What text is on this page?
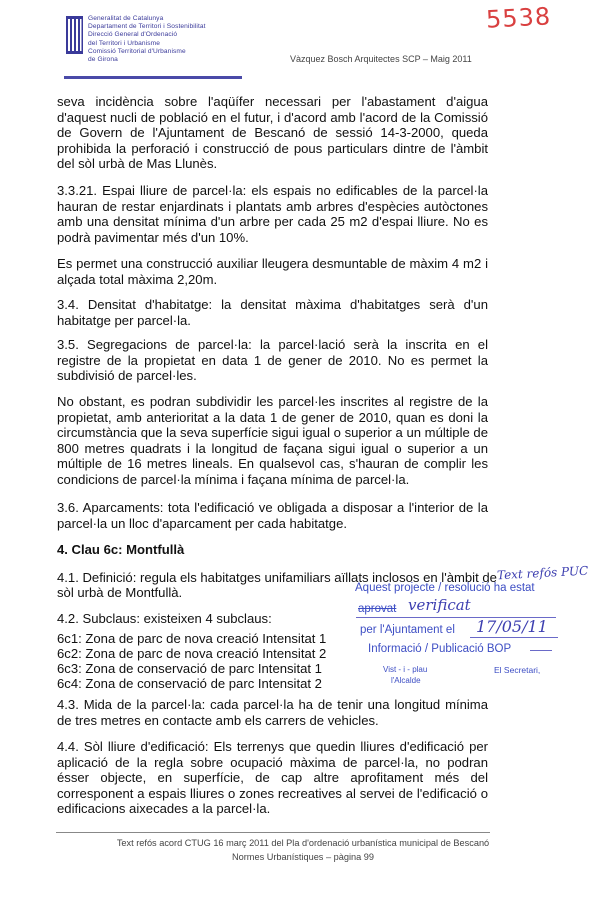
Generalitat de Catalunya
Departament de Territori i Sostenibilitat
Direcció General d'Ordenació
del Territori i Urbanisme
Comissió Territorial d'Urbanisme
de Girona
5538
Vàzquez Bosch Arquitectes SCP – Maig 2011
seva incidència sobre l'aqüífer necessari per l'abastament d'aigua d'aquest nucli de població en el futur, i d'acord amb l'acord de la Comissió de Govern de l'Ajuntament de Bescanó de sessió 14-3-2000, queda prohibida la perforació i construcció de pous particulars dintre de l'àmbit del sòl urbà de Mas Llunès.
3.3.21. Espai lliure de parcel·la: els espais no edificables de la parcel·la hauran de restar enjardinats i plantats amb arbres d'espècies autòctones amb una densitat mínima d'un arbre per cada 25 m2 d'espai lliure. No es podrà pavimentar més d'un 10%.
Es permet una construcció auxiliar lleugera desmuntable de màxim 4 m2 i alçada total màxima 2,20m.
3.4. Densitat d'habitatge: la densitat màxima d'habitatges serà d'un habitatge per parcel·la.
3.5. Segregacions de parcel·la: la parcel·lació serà la inscrita en el registre de la propietat en data 1 de gener de 2010. No es permet la subdivisió de parcel·les.
No obstant, es podran subdividir les parcel·les inscrites al registre de la propietat, amb anterioritat a la data 1 de gener de 2010, quan es doni la circumstància que la seva superfície sigui igual o superior a un múltiple de 800 metres quadrats i la longitud de façana sigui igual o superior a un múltiple de 16 metres lineals. En qualsevol cas, s'hauran de complir les condicions de parcel·la mínima i façana mínima de parcel·la.
3.6. Aparcaments: tota l'edificació ve obligada a disposar a l'interior de la parcel·la un lloc d'aparcament per cada habitatge.
4. Clau 6c: Montfullà
4.1. Definició: regula els habitatges unifamiliars aïllats inclosos en l'àmbit de
sòl urbà de Montfullà.
4.2. Subclaus: existeixen 4 subclaus:
6c1: Zona de parc de nova creació Intensitat 1
6c2: Zona de parc de nova creació Intensitat 2
6c3: Zona de conservació de parc Intensitat 1
6c4: Zona de conservació de parc Intensitat 2
4.3. Mida de la parcel·la: cada parcel·la ha de tenir una longitud mínima de tres metres en contacte amb els carrers de vehicles.
4.4. Sòl lliure d'edificació: Els terrenys que quedin lliures d'edificació per aplicació de la regla sobre ocupació màxima de parcel·la, no podran ésser objecte, en superfície, de cap altre aprofitament més del corresponent a espais lliures o zones recreatives al servei de l'edificació o edificacions aixecades a la parcel·la.
Text refós PUC
Aquest projecte / resolució ha estat
aprovat verificat
per l'Ajuntament el 17/05/11
Informació / Publicació BOP
Vist - i - plau
l'Alcalde
El Secretari,
Text refós acord CTUG 16 març 2011 del Pla d'ordenació urbanística municipal de Bescanó
Normes Urbanístiques – pàgina 99
